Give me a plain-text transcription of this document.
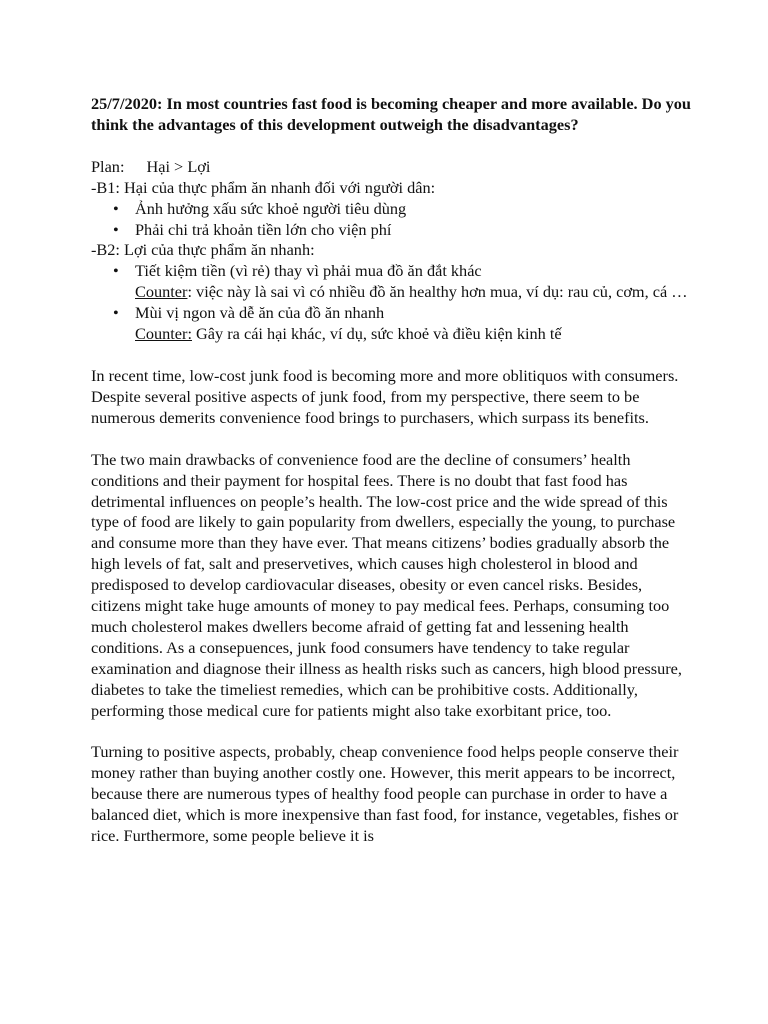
25/7/2020: In most countries fast food is becoming cheaper and more available. Do you think the advantages of this development outweigh the disadvantages?

Plan: Hại > Lợi
-B1: Hại của thực phẩm ăn nhanh đối với người dân:
• Ảnh hưởng xấu sức khoẻ người tiêu dùng
• Phải chi trả khoản tiền lớn cho viện phí
-B2: Lợi của thực phẩm ăn nhanh:
• Tiết kiệm tiền (vì rẻ) thay vì phải mua đồ ăn đắt khác
Counter: việc này là sai vì có nhiều đồ ăn healthy hơn mua, ví dụ: rau củ, cơm, cá …
• Mùi vị ngon và dễ ăn của đồ ăn nhanh
Counter: Gây ra cái hại khác, ví dụ, sức khoẻ và điều kiện kinh tế

In recent time, low-cost junk food is becoming more and more oblitiquos with consumers. Despite several positive aspects of junk food, from my perspective, there seem to be numerous demerits convenience food brings to purchasers, which surpass its benefits.

The two main drawbacks of convenience food are the decline of consumers’ health conditions and their payment for hospital fees. There is no doubt that fast food has detrimental influences on people’s health. The low-cost price and the wide spread of this type of food are likely to gain popularity from dwellers, especially the young, to purchase and consume more than they have ever. That means citizens’ bodies gradually absorb the high levels of fat, salt and preservetives, which causes high cholesterol in blood and predisposed to develop cardiovacular diseases, obesity or even cancel risks. Besides, citizens might take huge amounts of money to pay medical fees. Perhaps, consuming too much cholesterol makes dwellers become afraid of getting fat and lessening health conditions. As a consepuences, junk food consumers have tendency to take regular examination and diagnose their illness as health risks such as cancers, high blood pressure, diabetes to take the timeliest remedies, which can be prohibitive costs. Additionally, performing those medical cure for patients might also take exorbitant price, too.

Turning to positive aspects, probably, cheap convenience food helps people conserve their money rather than buying another costly one. However, this merit appears to be incorrect, because there are numerous types of healthy food people can purchase in order to have a balanced diet, which is more inexpensive than fast food, for instance, vegetables, fishes or rice. Furthermore, some people believe it is
